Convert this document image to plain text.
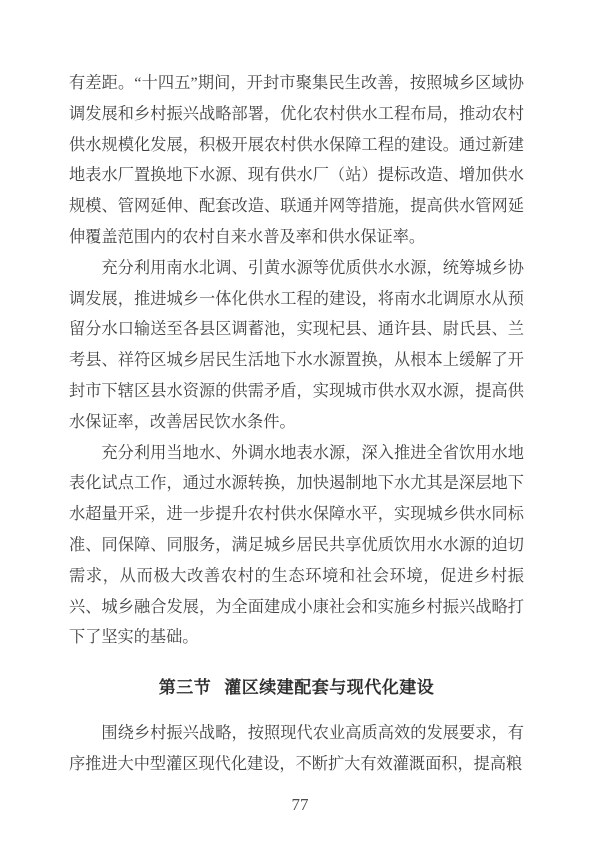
有差距。“十四五”期间，开封市聚集民生改善，按照城乡区域协调发展和乡村振兴战略部署，优化农村供水工程布局，推动农村供水规模化发展，积极开展农村供水保障工程的建设。通过新建地表水厂置换地下水源、现有供水厂（站）提标改造、增加供水规模、管网延伸、配套改造、联通并网等措施，提高供水管网延伸覆盖范围内的农村自来水普及率和供水保证率。

充分利用南水北调、引黄水源等优质供水水源，统筹城乡协调发展，推进城乡一体化供水工程的建设，将南水北调原水从预留分水口输送至各县区调蓄池，实现杞县、通许县、尉氏县、兰考县、祥符区城乡居民生活地下水水源置换，从根本上缓解了开封市下辖区县水资源的供需矛盾，实现城市供水双水源，提高供水保证率，改善居民饮水条件。

充分利用当地水、外调水地表水源，深入推进全省饮用水地表化试点工作，通过水源转换，加快遏制地下水尤其是深层地下水超量开采，进一步提升农村供水保障水平，实现城乡供水同标准、同保障、同服务，满足城乡居民共享优质饮用水水源的迫切需求，从而极大改善农村的生态环境和社会环境，促进乡村振兴、城乡融合发展，为全面建成小康社会和实施乡村振兴战略打下了坚实的基础。

第三节 灌区续建配套与现代化建设

围绕乡村振兴战略，按照现代农业高质高效的发展要求，有序推进大中型灌区现代化建设，不断扩大有效灌溉面积，提高粮

77
